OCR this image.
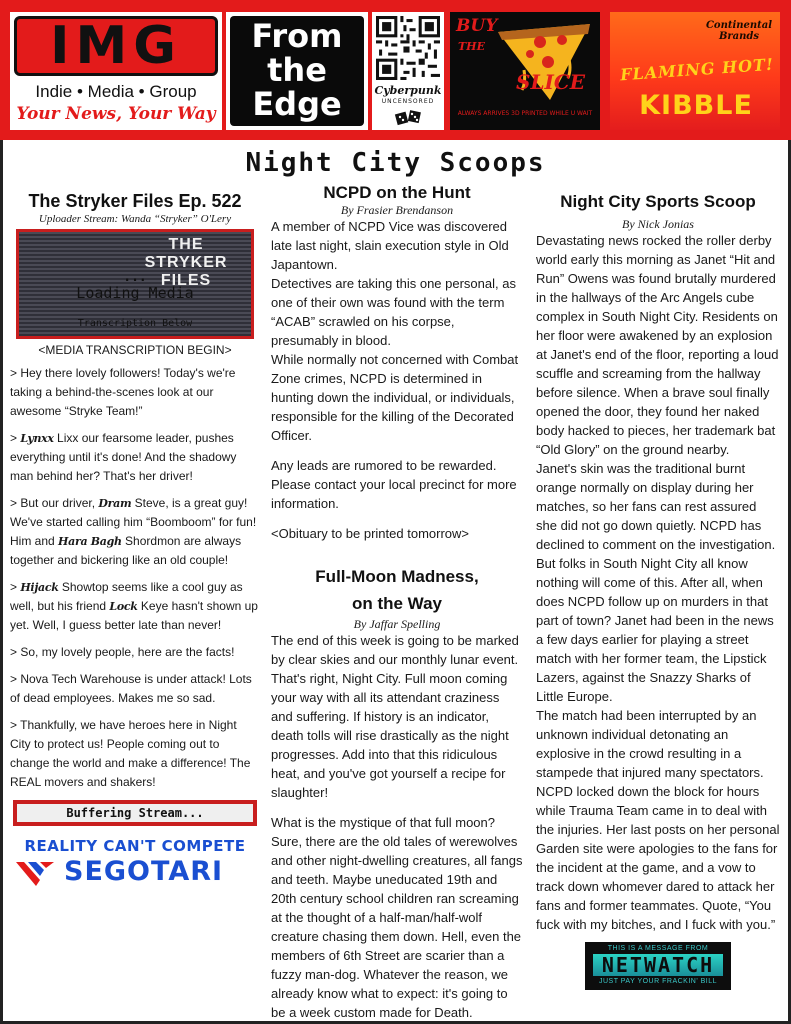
IMG
Indie • Media • Group
Your News, Your Way
From
the
Edge	Cyberpunk
UNCENSORED
BUY
THE
SLICE
ALWAYS ARRIVES 3D PRINTED WHILE U WAIT
Continental Brands
FLAMING HOT!
KIBBLE
Night City Scoops
The Stryker Files Ep. 522
Uploader Stream: Wanda “Stryker” O'Lery
THE STRYKER FILES
...
Loading Media
Transcription Below
<MEDIA TRANSCRIPTION BEGIN>

> Hey there lovely followers! Today's we're taking a behind-the-scenes look at our awesome “Stryke Team!”

> Lynxx Lixx our fearsome leader, pushes everything until it's done! And the shadowy man behind her? That's her driver!

> But our driver, Dram Steve, is a great guy! We've started calling him “Boomboom” for fun! Him and Hara Bagh Shordmon are always together and bickering like an old couple!

> Hijack Showtop seems like a cool guy as well, but his friend Lock Keye hasn't shown up yet. Well, I guess better late than never!

> So, my lovely people, here are the facts!

> Nova Tech Warehouse is under attack! Lots of dead employees. Makes me so sad.

> Thankfully, we have heroes here in Night City to protect us! People coming out to change the world and make a difference! The REAL movers and shakers!

Buffering Stream...
REALITY CAN'T COMPETE
SEGOTARI
NCPD on the Hunt
By Frasier Brendanson

A member of NCPD Vice was discovered late last night, slain execution style in Old Japantown.

Detectives are taking this one personal, as one of their own was found with the term “ACAB” scrawled on his corpse, presumably in blood.

While normally not concerned with Combat Zone crimes, NCPD is determined in hunting down the individual, or individuals, responsible for the killing of the Decorated Officer.

Any leads are rumored to be rewarded. Please contact your local precinct for more information.

<Obituary to be printed tomorrow>

Full-Moon Madness,
on the Way
By Jaffar Spelling

The end of this week is going to be marked by clear skies and our monthly lunar event. That's right, Night City. Full moon coming your way with all its attendant craziness and suffering. If history is an indicator, death tolls will rise drastically as the night progresses. Add into that this ridiculous heat, and you've got yourself a recipe for slaughter!

What is the mystique of that full moon? Sure, there are the old tales of werewolves and other night-dwelling creatures, all fangs and teeth. Maybe uneducated 19th and 20th century school children ran screaming at the thought of a half-man/half-wolf creature chasing them down. Hell, even the members of 6th Street are scarier than a fuzzy man-dog. Whatever the reason, we already know what to expect: it's going to be a week custom made for Death.

Night City Sports Scoop
By Nick Jonias

Devastating news rocked the roller derby world early this morning as Janet “Hit and Run” Owens was found brutally murdered in the hallways of the Arc Angels cube complex in South Night City. Residents on her floor were awakened by an explosion at Janet's end of the floor, reporting a loud scuffle and screaming from the hallway before silence. When a brave soul finally opened the door, they found her naked body hacked to pieces, her trademark bat “Old Glory” on the ground nearby.

Janet's skin was the traditional burnt orange normally on display during her matches, so her fans can rest assured she did not go down quietly. NCPD has declined to comment on the investigation. But folks in South Night City all know nothing will come of this. After all, when does NCPD follow up on murders in that part of town? Janet had been in the news a few days earlier for playing a street match with her former team, the Lipstick Lazers, against the Snazzy Sharks of Little Europe.

The match had been interrupted by an unknown individual detonating an explosive in the crowd resulting in a stampede that injured many spectators. NCPD locked down the block for hours while Trauma Team came in to deal with the injuries. Her last posts on her personal Garden site were apologies to the fans for the incident at the game, and a vow to track down whomever dared to attack her fans and former teammates. Quote, “You fuck with my bitches, and I fuck with you.”

THIS IS A MESSAGE FROM
NETWATCH
JUST PAY YOUR FRACKIN' BILL
